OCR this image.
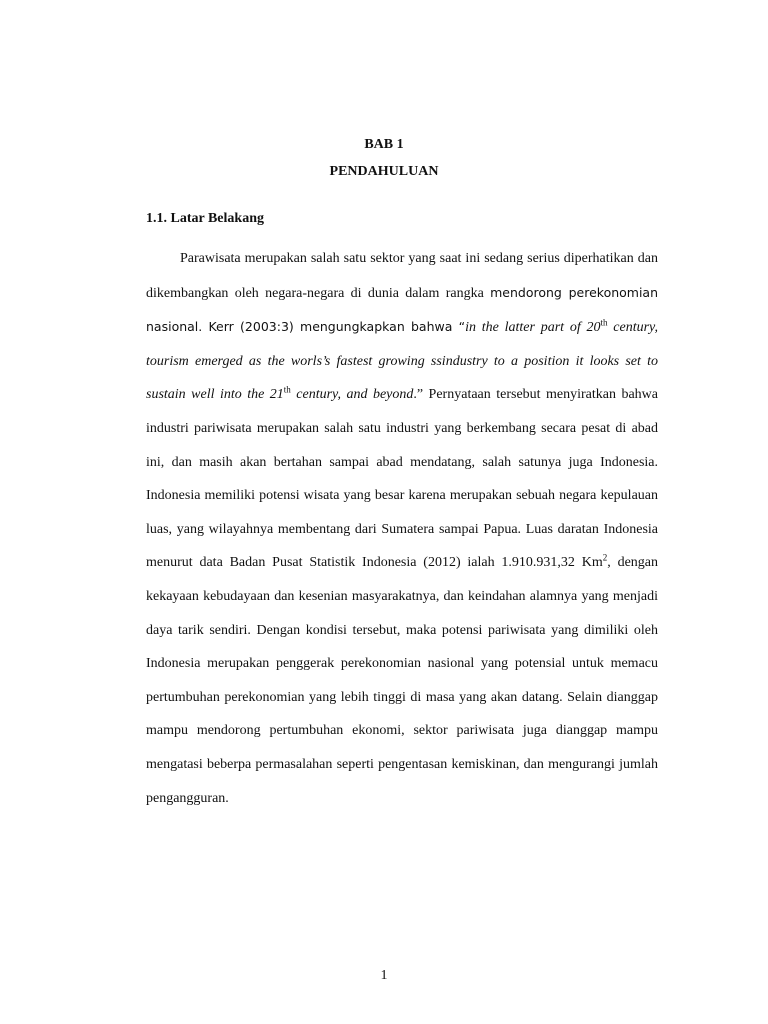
BAB 1
PENDAHULUAN
1.1. Latar Belakang

Parawisata merupakan salah satu sektor yang saat ini sedang serius diperhatikan dan dikembangkan oleh negara-negara di dunia dalam rangka mendorong perekonomian nasional. Kerr (2003:3) mengungkapkan bahwa “in the latter part of 20th century, tourism emerged as the worls’s fastest growing ssindustry to a position it looks set to sustain well into the 21th century, and beyond.” Pernyataan tersebut menyiratkan bahwa industri pariwisata merupakan salah satu industri yang berkembang secara pesat di abad ini, dan masih akan bertahan sampai abad mendatang, salah satunya juga Indonesia. Indonesia memiliki potensi wisata yang besar karena merupakan sebuah negara kepulauan luas, yang wilayahnya membentang dari Sumatera sampai Papua. Luas daratan Indonesia menurut data Badan Pusat Statistik Indonesia (2012) ialah 1.910.931,32 Km$^2$, dengan kekayaan kebudayaan dan kesenian masyarakatnya, dan keindahan alamnya yang menjadi daya tarik sendiri. Dengan kondisi tersebut, maka potensi pariwisata yang dimiliki oleh Indonesia merupakan penggerak perekonomian nasional yang potensial untuk memacu pertumbuhan perekonomian yang lebih tinggi di masa yang akan datang. Selain dianggap mampu mendorong pertumbuhan ekonomi, sektor pariwisata juga dianggap mampu mengatasi beberpa permasalahan seperti pengentasan kemiskinan, dan mengurangi jumlah pengangguran.

1
